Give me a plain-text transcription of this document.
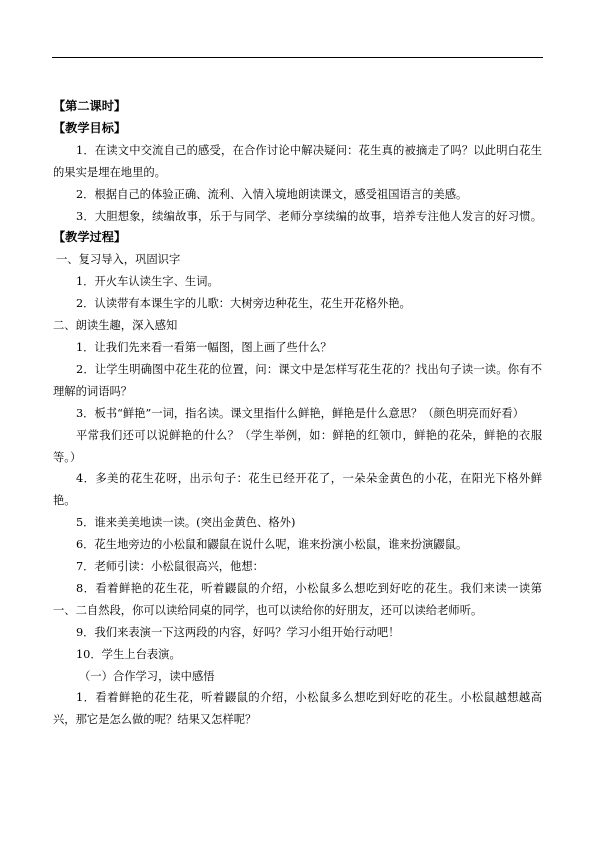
【第二课时】

【教学目标】

1．在读文中交流自己的感受，在合作讨论中解决疑问：花生真的被摘走了吗？以此明白花生的果实是埋在地里的。

2．根据自己的体验正确、流利、入情入境地朗读课文，感受祖国语言的美感。

3．大胆想象，续编故事，乐于与同学、老师分享续编的故事，培养专注他人发言的好习惯。【教学过程】

一、复习导入，巩固识字

1．开火车认读生字、生词。

2．认读带有本课生字的儿歌：大树旁边种花生，花生开花格外艳。

二、朗读生趣，深入感知

1．让我们先来看一看第一幅图，图上画了些什么？

2．让学生明确图中花生花的位置，问：课文中是怎样写花生花的？找出句子读一读。你有不理解的词语吗？

3．板书“鲜艳”一词，指名读。课文里指什么鲜艳，鲜艳是什么意思？（颜色明亮而好看）

平常我们还可以说鲜艳的什么？（学生举例，如：鲜艳的红领巾，鲜艳的花朵，鲜艳的衣服等。）

4．多美的花生花呀，出示句子：花生已经开花了，一朵朵金黄色的小花，在阳光下格外鲜艳。

5．谁来美美地读一读。(突出金黄色、格外)

6．花生地旁边的小松鼠和鼹鼠在说什么呢，谁来扮演小松鼠，谁来扮演鼹鼠。

7．老师引读：小松鼠很高兴，他想：

8．看着鲜艳的花生花，听着鼹鼠的介绍，小松鼠多么想吃到好吃的花生。我们来读一读第一、二自然段，你可以读给同桌的同学，也可以读给你的好朋友，还可以读给老师听。

9．我们来表演一下这两段的内容，好吗？学习小组开始行动吧！

10．学生上台表演。

（一）合作学习，读中感悟

1．看着鲜艳的花生花，听着鼹鼠的介绍，小松鼠多么想吃到好吃的花生。小松鼠越想越高兴，那它是怎么做的呢？结果又怎样呢？
